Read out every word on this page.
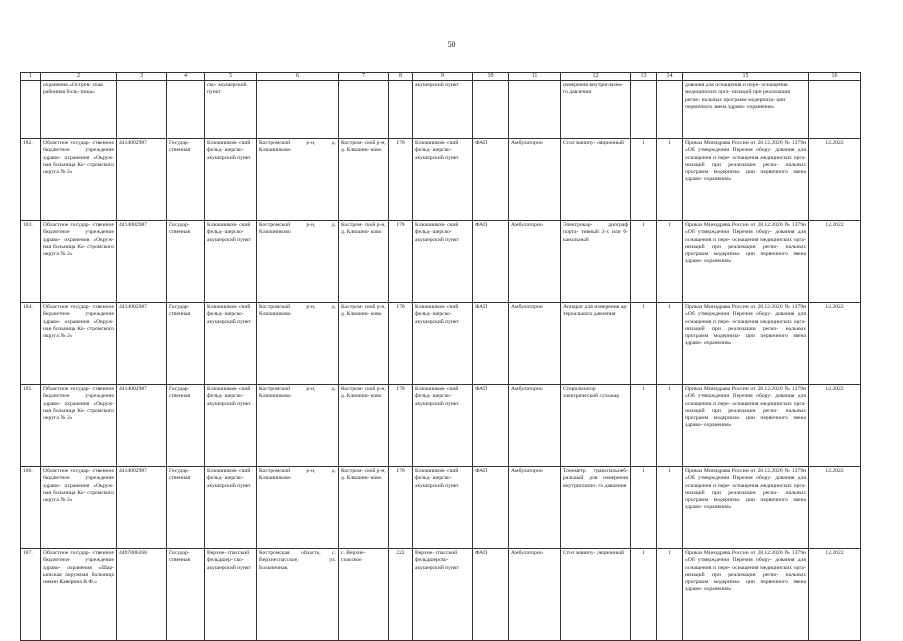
50
1	2	3	4	5	6	7	8	9	10	11	12	13	14	15	16
	охранения «Остров- ская районная боль- ница»			ско- акушерский пункт				акушерский пункт			измерения внутриглазно- го давления			дования для оснащения и пере- оснащения медицинских орга- низаций при реализации регио- нальных программ модерниза- ции первичного звена здраво- охранения»	
182.	Областное государ- ственное бюджетное учреждение здраво- охранения «Окруж- ная больница Ко- стромского округа № 2»	4414002987	Государ- ственная	Клюшников- ский фельд- шерско- акушерский пункт	Костромской р-н, д. Клюшниково	Костром- ской р-н, д. Клюшни- ково	178	Клюшников- ский фельд- шерско- акушерский пункт	ФАП	Амбулаторно	Стол манипу- ляционный	1	1	Приказ Минздрава России от 28.12.2020 № 1379н «Об утверждении Перечня обору- дования для оснащения и пере- оснащения медицинских орга- низаций при реализации регио- нальных программ модерниза- ции первичного звена здраво- охранения»	12.2022
183.	Областное государ- ственное бюджетное учреждение здраво- охранения «Окруж- ная больница Ко- стромского округа № 2»	4414002987	Государ- ственная	Клюшников- ский фельд- шерско- акушерский пункт	Костромской р-н, д. Клюшниково	Костром- ской р-н, д. Клюшни- ково	178	Клюшников- ский фельд- шерско- акушерский пункт	ФАП	Амбулаторно	Электрокар- диограф порта- тивный 3-х или 6-канальный	1	1	Приказ Минздрава России от 28.12.2020 № 1379н «Об утверждении Перечня обору- дования для оснащения и пере- оснащения медицинских орга- низаций при реализации регио- нальных программ модерниза- ции первичного звена здраво- охранения»	12.2022
184.	Областное государ- ственное бюджетное учреждение здраво- охранения «Окруж- ная больница Ко- стромского округа № 2»	4414002987	Государ- ственная	Клюшников- ский фельд- шерско- акушерский пункт	Костромской р-н, д. Клюшниково	Костром- ской р-н, д. Клюшни- ково	178	Клюшников- ский фельд- шерско- акушерский пункт	ФАП	Амбулаторно	Аппарат для измерения ар- териального давления	1	1	Приказ Минздрава России от 28.12.2020 № 1379н «Об утверждении Перечня обору- дования для оснащения и пере- оснащения медицинских орга- низаций при реализации регио- нальных программ модерниза- ции первичного звена здраво- охранения»	12.2022
185.	Областное государ- ственное бюджетное учреждение здраво- охранения «Окруж- ная больница Ко- стромского округа № 2»	4414002987	Государ- ственная	Клюшников- ский фельд- шерско- акушерский пункт	Костромской р-н, д. Клюшниково	Костром- ской р-н, д. Клюшни- ково	178	Клюшников- ский фельд- шерско- акушерский пункт	ФАП	Амбулаторно	Стерилизатор электрический сухожар	1	1	Приказ Минздрава России от 28.12.2020 № 1379н «Об утверждении Перечня обору- дования для оснащения и пере- оснащения медицинских орга- низаций при реализации регио- нальных программ модерниза- ции первичного звена здраво- охранения»	12.2022
186.	Областное государ- ственное бюджетное учреждение здраво- охранения «Окруж- ная больница Ко- стромского округа № 2»	4414002987	Государ- ственная	Клюшников- ский фельд- шерско- акушерский пункт	Костромской р-н, д. Клюшниково	Костром- ской р-н, д. Клюшни- ково	178	Клюшников- ский фельд- шерско- акушерский пункт	ФАП	Амбулаторно	Тонометр транспальпеб- ральный для измерения внутриглазно- го давления	1	1	Приказ Минздрава России от 28.12.2020 № 1379н «Об утверждении Перечня обору- дования для оснащения и пере- оснащения медицинских орга- низаций при реализации регио- нальных программ модерниза- ции первичного звена здраво- охранения»	12.2022
187.	Областное государ- ственное бюджетное учреждение здраво- охранения «Шар- ьинская окружная больница имени Каверина В.Ф.»	4407006268	Государ- ственная	Верхне- спасский фельдшер- ско- акушерский пункт	Костромская область, с. Верхнеспасское, ул. Больничная,	с. Верхне- спасское	222	Верхне- спасский фельдшерско- акушерский пункт	ФАП	Амбулаторно	Стол манипу- ляционный	1	1	Приказ Минздрава России от 28.12.2020 № 1379н «Об утверждении Перечня обору- дования для оснащения и пере- оснащения медицинских орга- низаций при реализации регио- нальных программ модерниза- ции первичного звена здраво- охранения»	12.2022
